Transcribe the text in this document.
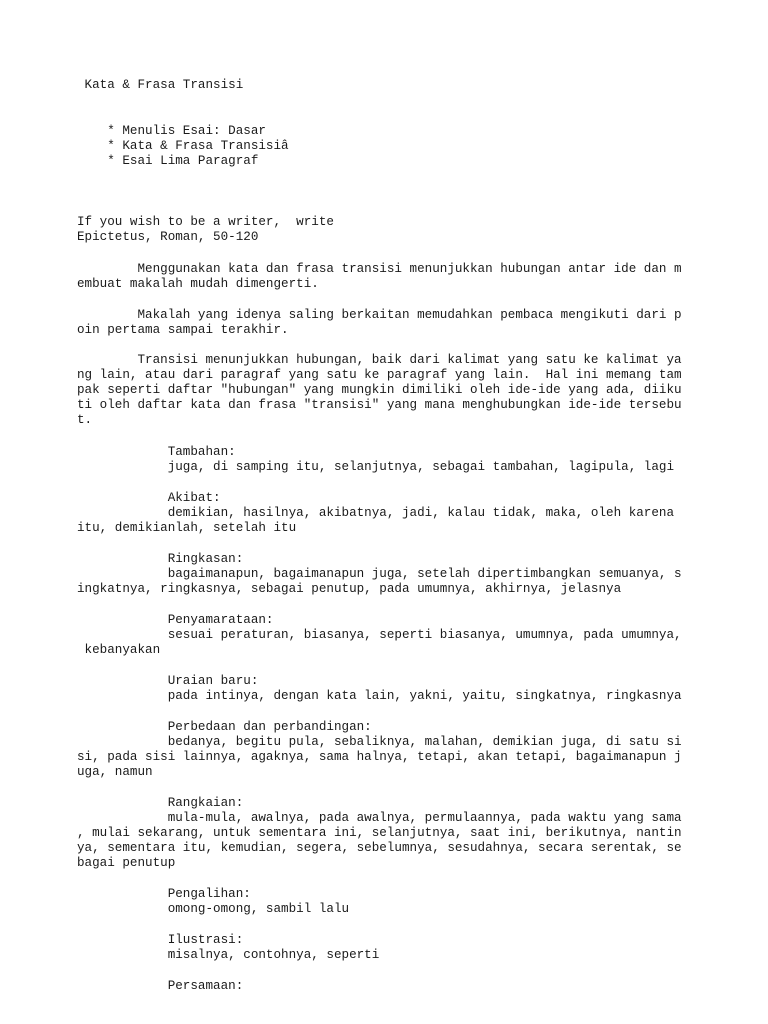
Kata & Frasa Transisi
* Menulis Esai: Dasar
* Kata & Frasa Transisiâ
* Esai Lima Paragraf
If you wish to be a writer,  write
Epictetus, Roman, 50-120
Menggunakan kata dan frasa transisi menunjukkan hubungan antar ide dan m
embuat makalah mudah dimengerti.
Makalah yang idenya saling berkaitan memudahkan pembaca mengikuti dari p
oin pertama sampai terakhir.
Transisi menunjukkan hubungan, baik dari kalimat yang satu ke kalimat ya
ng lain, atau dari paragraf yang satu ke paragraf yang lain.  Hal ini memang tam
pak seperti daftar "hubungan" yang mungkin dimiliki oleh ide-ide yang ada, diiku
ti oleh daftar kata dan frasa "transisi" yang mana menghubungkan ide-ide tersebu
t.
Tambahan:
juga, di samping itu, selanjutnya, sebagai tambahan, lagipula, lagi
Akibat:
demikian, hasilnya, akibatnya, jadi, kalau tidak, maka, oleh karena
itu, demikianlah, setelah itu
Ringkasan:
bagaimanapun, bagaimanapun juga, setelah dipertimbangkan semuanya, s
ingkatnya, ringkasnya, sebagai penutup, pada umumnya, akhirnya, jelasnya
Penyamarataan:
sesuai peraturan, biasanya, seperti biasanya, umumnya, pada umumnya,
kebanyakan
Uraian baru:
pada intinya, dengan kata lain, yakni, yaitu, singkatnya, ringkasnya
Perbedaan dan perbandingan:
bedanya, begitu pula, sebaliknya, malahan, demikian juga, di satu si
si, pada sisi lainnya, agaknya, sama halnya, tetapi, akan tetapi, bagaimanapun j
uga, namun
Rangkaian:
mula-mula, awalnya, pada awalnya, permulaannya, pada waktu yang sama
, mulai sekarang, untuk sementara ini, selanjutnya, saat ini, berikutnya, nantin
ya, sementara itu, kemudian, segera, sebelumnya, sesudahnya, secara serentak, se
bagai penutup
Pengalihan:
omong-omong, sambil lalu
Ilustrasi:
misalnya, contohnya, seperti
Persamaan:
